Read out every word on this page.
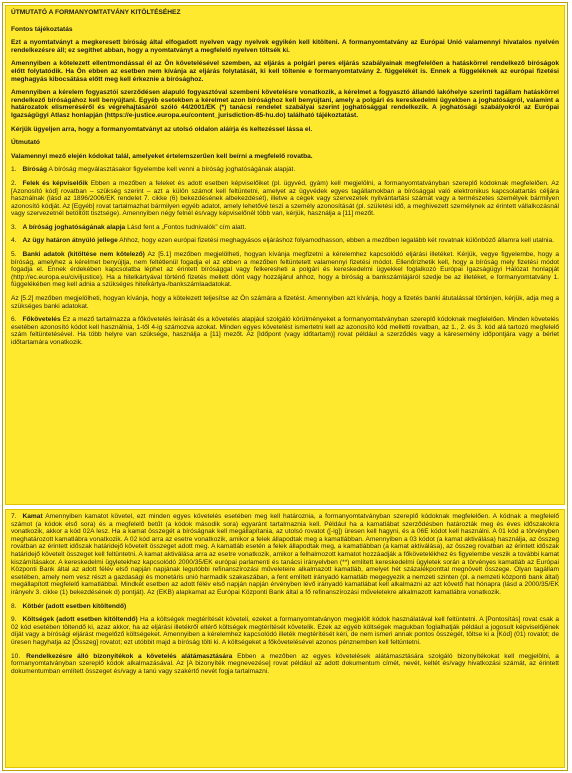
ÚTMUTATÓ A FORMANYOMTATVÁNY KITÖLTÉSÉHEZ

Fontos tájékoztatás

Ezt a nyomtatványt a megkeresett bíróság által elfogadott nyelven vagy nyelvek egyikén kell kitölteni. A formanyomtatvány az Európai Unió valamennyi hivatalos nyelvén rendelkezésre áll; ez segíthet abban, hogy a nyomtatványt a megfelelő nyelven töltsék ki.

Amennyiben a kötelezett ellentmondással él az Ön követelésével szemben, az eljárás a polgári peres eljárás szabályainak megfelelően a hatáskörrel rendelkező bíróságok előtt folytatódik. Ha Ön ebben az esetben nem kívánja az eljárás folytatását, ki kell töltenie e formanyomtatvány 2. függelékét is. Ennek a függeléknek az európai fizetési meghagyás kibocsátása előtt meg kell érkeznie a bírósághoz.

Amennyiben a kérelem fogyasztói szerződésen alapuló fogyasztóval szembeni követelésre vonatkozik, a kérelmet a fogyasztó állandó lakóhelye szerinti tagállam hatáskörrel rendelkező bíróságához kell benyújtani. Egyéb esetekben a kérelmet azon bírósághoz kell benyújtani, amely a polgári és kereskedelmi ügyekben a joghatóságról, valamint a határozatok elismeréséről és végrehajtásáról szóló 44/2001/EK (*) tanácsi rendelet szabályai szerint joghatósággal rendelkezik. A joghatósági szabályokról az Európai Igazságügyi Atlasz honlapján (https://e-justice.europa.eu/content_jurisdiction-85-hu.do) található tájékoztatást.

Kérjük ügyeljen arra, hogy a formanyomtatványt az utolsó oldalon aláírja és keltezéssel lássa el.

Útmutató

Valamennyi mező elején kódokat talál, amelyeket értelemszerűen kell beírni a megfelelő rovatba.

1. Bíróság A bíróság megválasztásakor figyelembe kell venni a bíróság joghatóságának alapját.

2. Felek és képviselőik Ebben a mezőben a feleket és adott esetben képviselőiket (pl. ügyvéd, gyám) kell megjelölni, a formanyomtatványban szereplő kódoknak megfelelően. Az [Azonosító kód] rovatban – szükség szerint – azt a külön számot kell feltüntetni, amelyet az ügyvédek egyes tagállamokban a bírósággal való elektronikus kapcsolattartás céljára használnak (lásd az 1896/2006/EK rendelet 7. cikke (6) bekezdésének albekezdését), illetve a cégek vagy szervezetek nyilvántartási számát vagy a természetes személyek bármilyen azonosító kódját. Az [Egyéb] rovat tartalmazhat bármilyen egyéb adatot, amely lehetővé teszi a személy azonosítását (pl. születési idő, a meghivezett személynek az érintett vállalkozásnál vagy szervezetnél betöltött tisztsége). Amennyiben négy felnél és/vagy képviselőnél több van, kérjük, használja a [11] mezőt.

3. A bíróság joghatóságának alapja Lásd fent a „Fontos tudnivalók” cím alatt.

4. Az ügy határon átnyúló jellege Ahhoz, hogy ezen európai fizetési meghagyásos eljáráshoz folyamodhasson, ebben a mezőben legalább két rovatnak különböző államra kell utalnia.

5. Banki adatok (kitöltése nem kötelező) Az [5.1] mezőben megjelölheti, hogyan kívánja megfizetni a kérelemhez kapcsolódó eljárási illetéket. Kérjük, vegye figyelembe, hogy a bíróság, amelyhez a kérelmet benyújtja, nem feltétlenül fogadja el az ebben a mezőben feltüntetett valamennyi fizetési módot. Ellenőrizhetik kell, hogy a bíróság mely fizetési módot fogadja el. Ennek érdekében kapcsolatba léphet az érintett bírósággal vagy felkeresheti a polgári és kereskedelmi ügyekkel foglalkozó Európai Igazságügyi Hálózat honlapját (http://ec.europa.eu/civiljustice). Ha a hitelkártyával történő fizetés mellett dönt vagy hozzájárul ahhoz, hogy a bíróság a bankszámlájáról szedje be az illetéket, e formanyomtatvány 1. függelékében meg kell adnia a szükséges hitelkártya-/bankszámlaadatokat.

Az [5.2] mezőben megjelölheti, hogyan kívánja, hogy a kötelezett teljesítse az Ön számára a fizetést. Amennyiben azt kívánja, hogy a fizetés banki átutalással történjen, kérjük, adja meg a szükséges banki adatokat.

6. Főkövetelés Ez a mező tartalmazza a főkövetelés leírását és a követelés alapjául szolgáló körülményeket a formanyomtatványban szereplő kódoknak megfelelően. Minden követelés esetében azonosító kódot kell használnia, 1-től 4-ig számozva azokat. Minden egyes követelést ismertetni kell az azonosító kód melletti rovatban, az 1., 2. és 3. kód alá tartozó megfelelő szám feltüntetésével. Ha több helyre van szüksége, használja a [11] mezőt. Az [Időpont (vagy időtartam)] rovat például a szerződés vagy a káresemény időpontjára vagy a bérlet időtartamára vonatkozik.

7. Kamat Amennyiben kamatot követel, ezt minden egyes követelés esetében meg kell határoznia, a formanyomtatványban szereplő kódoknak megfelelően. A kódnak a megfelelő számot (a kódok első sora) és a megfelelő betűt (a kódok második sora) egyaránt tartalmaznia kell. Például ha a kamatlábat szerződésben határozták meg és éves időszakokra vonatkozik, akkor a kód 02A lesz. Ha a kamat összegét a bíróságnak kell megállapítania, az utolsó rovatot ([-ig]) üresen kell hagyni, és a 06E kódot kell használni. A 01 kód a törvényben meghatározott kamatlábra vonatkozik. A 02 kód arra az esetre vonatkozik, amikor a felek állapodtak meg a kamatlábban. Amennyiben a 03 kódot (a kamat aktiválása) használja, az összeg rovatban az érintett időszak határidejő követelt összeget adott meg. A kamatláb esetén a felek állapodtak meg, a kamatlábban (a kamat aktiválása), az összeg rovatban az érintett időszak határidejő követelt összeget kell feltüntetni. A kamat aktiválása arra az esetre vonatkozik, amikor a felhalmozott kamatot hozzáadják a főkövetelékhez és figyelembe veszik a további kamat kiszámításakor. A kereskedelmi ügyletekhez kapcsolódó 2000/35/EK európai parlamenti és tanácsi irányelvben (**) említett kereskedelmi ügyletek során a törvényes kamatláb az Európai Központi Bank által az adott félév első napján napjának legutóbbi refinanszírozási műveleteire alkalmazott kamatláb, amelyet hét százalékponttal megnövelt összege. Olyan tagállam esetében, amely nem vesz részt a gazdasági és monetáris unió harmadik szakaszában, a fent említett irányadó kamatláb megegyezik a nemzeti szinten (pl. a nemzeti központi bank által) megállapított megfelelő kamatlábbal. Mindkét esetben az adott félév első napján napján érvényben lévő irányadó kamatlábat kell alkalmazni az azt követő hat hónapra (lásd a 2000/35/EK irányelv 3. cikke (1) bekezdésének d) pontját). Az (EKB) alapkamat az Európai Központi Bank által a fő refinanszírozási műveletekre alkalmazott kamatlábra vonatkozik.

8. Kötbér (adott esetben kitöltendő)

9. Költségek (adott esetben kitöltendő) Ha a költségek megtérítését követeli, ezeket a formanyomtatványon megjelölt kódok használatával kell feltüntetni. A [Pontosítás] rovat csak a 02 kód esetében töltendő ki, azaz akkor, ha az eljárási illetékről eltérő költségek megtérítését követelik. Ezek az egyéb költségek magukban foglalhatják például a jogosult képviselőjének díját vagy a bírósági eljárást megelőző költségeket. Amennyiben a kérelemhez kapcsolódó illeték megtérítését kéri, de nem ismeri annak pontos összegét, töltse ki a [Kód] (01) rovatot; de üresen hagyhatja az [Összeg] rovatot; ezt utóbbit majd a bíróság tölti ki. A költségeket a főkövetelésével azonos pénznemben kell feltüntetni.

10. Rendelkezésre álló bizonyítékok a követelés alátámasztására Ebben a mezőben az egyes követelések alátámasztására szolgáló bizonyítékokat kell megjelölni, a formanyomtatványban szereplő kódok alkalmazásával. Az [A bizonyíték megnevezése] rovat például az adott dokumentum címét, nevét, keltét és/vagy hivatkozási számát, az érintett dokumentumban említett összeget és/vagy a tanú vagy szakértő nevét fogja tartalmazni.
